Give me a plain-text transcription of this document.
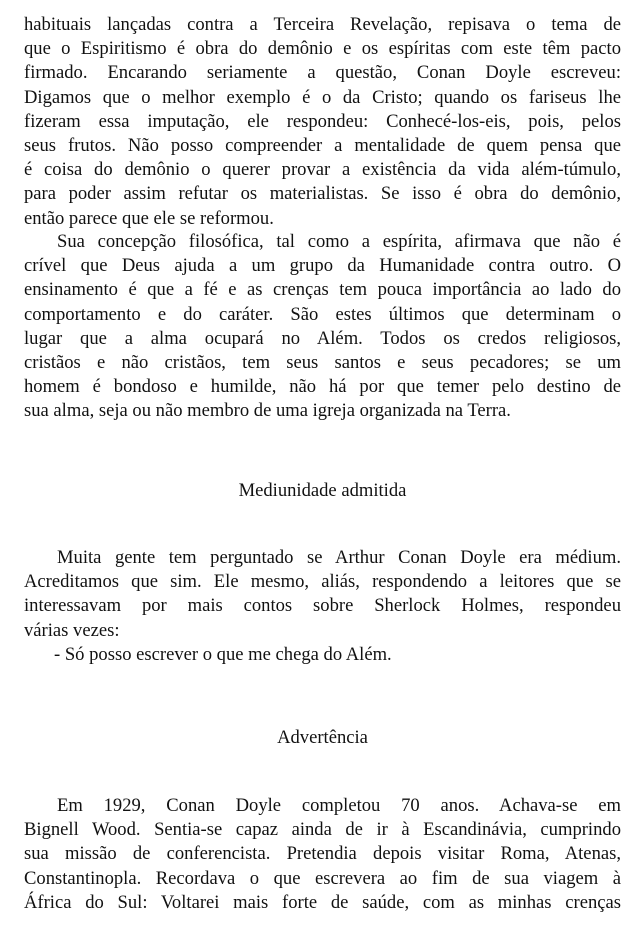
habituais lançadas contra a Terceira Revelação, repisava o tema de
que o Espiritismo é obra do demônio e os espíritas com este têm pacto
firmado. Encarando seriamente a questão, Conan Doyle escreveu:
Digamos que o melhor exemplo é o da Cristo; quando os fariseus lhe
fizeram essa imputação, ele respondeu: Conhecé-los-eis, pois, pelos
seus frutos. Não posso compreender a mentalidade de quem pensa que
é coisa do demônio o querer provar a existência da vida além-túmulo,
para poder assim refutar os materialistas. Se isso é obra do demônio,
então parece que ele se reformou.
Sua concepção filosófica, tal como a espírita, afirmava que não é
crível que Deus ajuda a um grupo da Humanidade contra outro. O
ensinamento é que a fé e as crenças tem pouca importância ao lado do
comportamento e do caráter. São estes últimos que determinam o
lugar que a alma ocupará no Além. Todos os credos religiosos,
cristãos e não cristãos, tem seus santos e seus pecadores; se um
homem é bondoso e humilde, não há por que temer pelo destino de
sua alma, seja ou não membro de uma igreja organizada na Terra.
Mediunidade admitida
Muita gente tem perguntado se Arthur Conan Doyle era médium.
Acreditamos que sim. Ele mesmo, aliás, respondendo a leitores que se
interessavam por mais contos sobre Sherlock Holmes, respondeu
várias vezes:
- Só posso escrever o que me chega do Além.
Advertência
Em 1929, Conan Doyle completou 70 anos. Achava-se em
Bignell Wood. Sentia-se capaz ainda de ir à Escandinávia, cumprindo
sua missão de conferencista. Pretendia depois visitar Roma, Atenas,
Constantinopla. Recordava o que escrevera ao fim de sua viagem à
África do Sul: Voltarei mais forte de saúde, com as minhas crenças
